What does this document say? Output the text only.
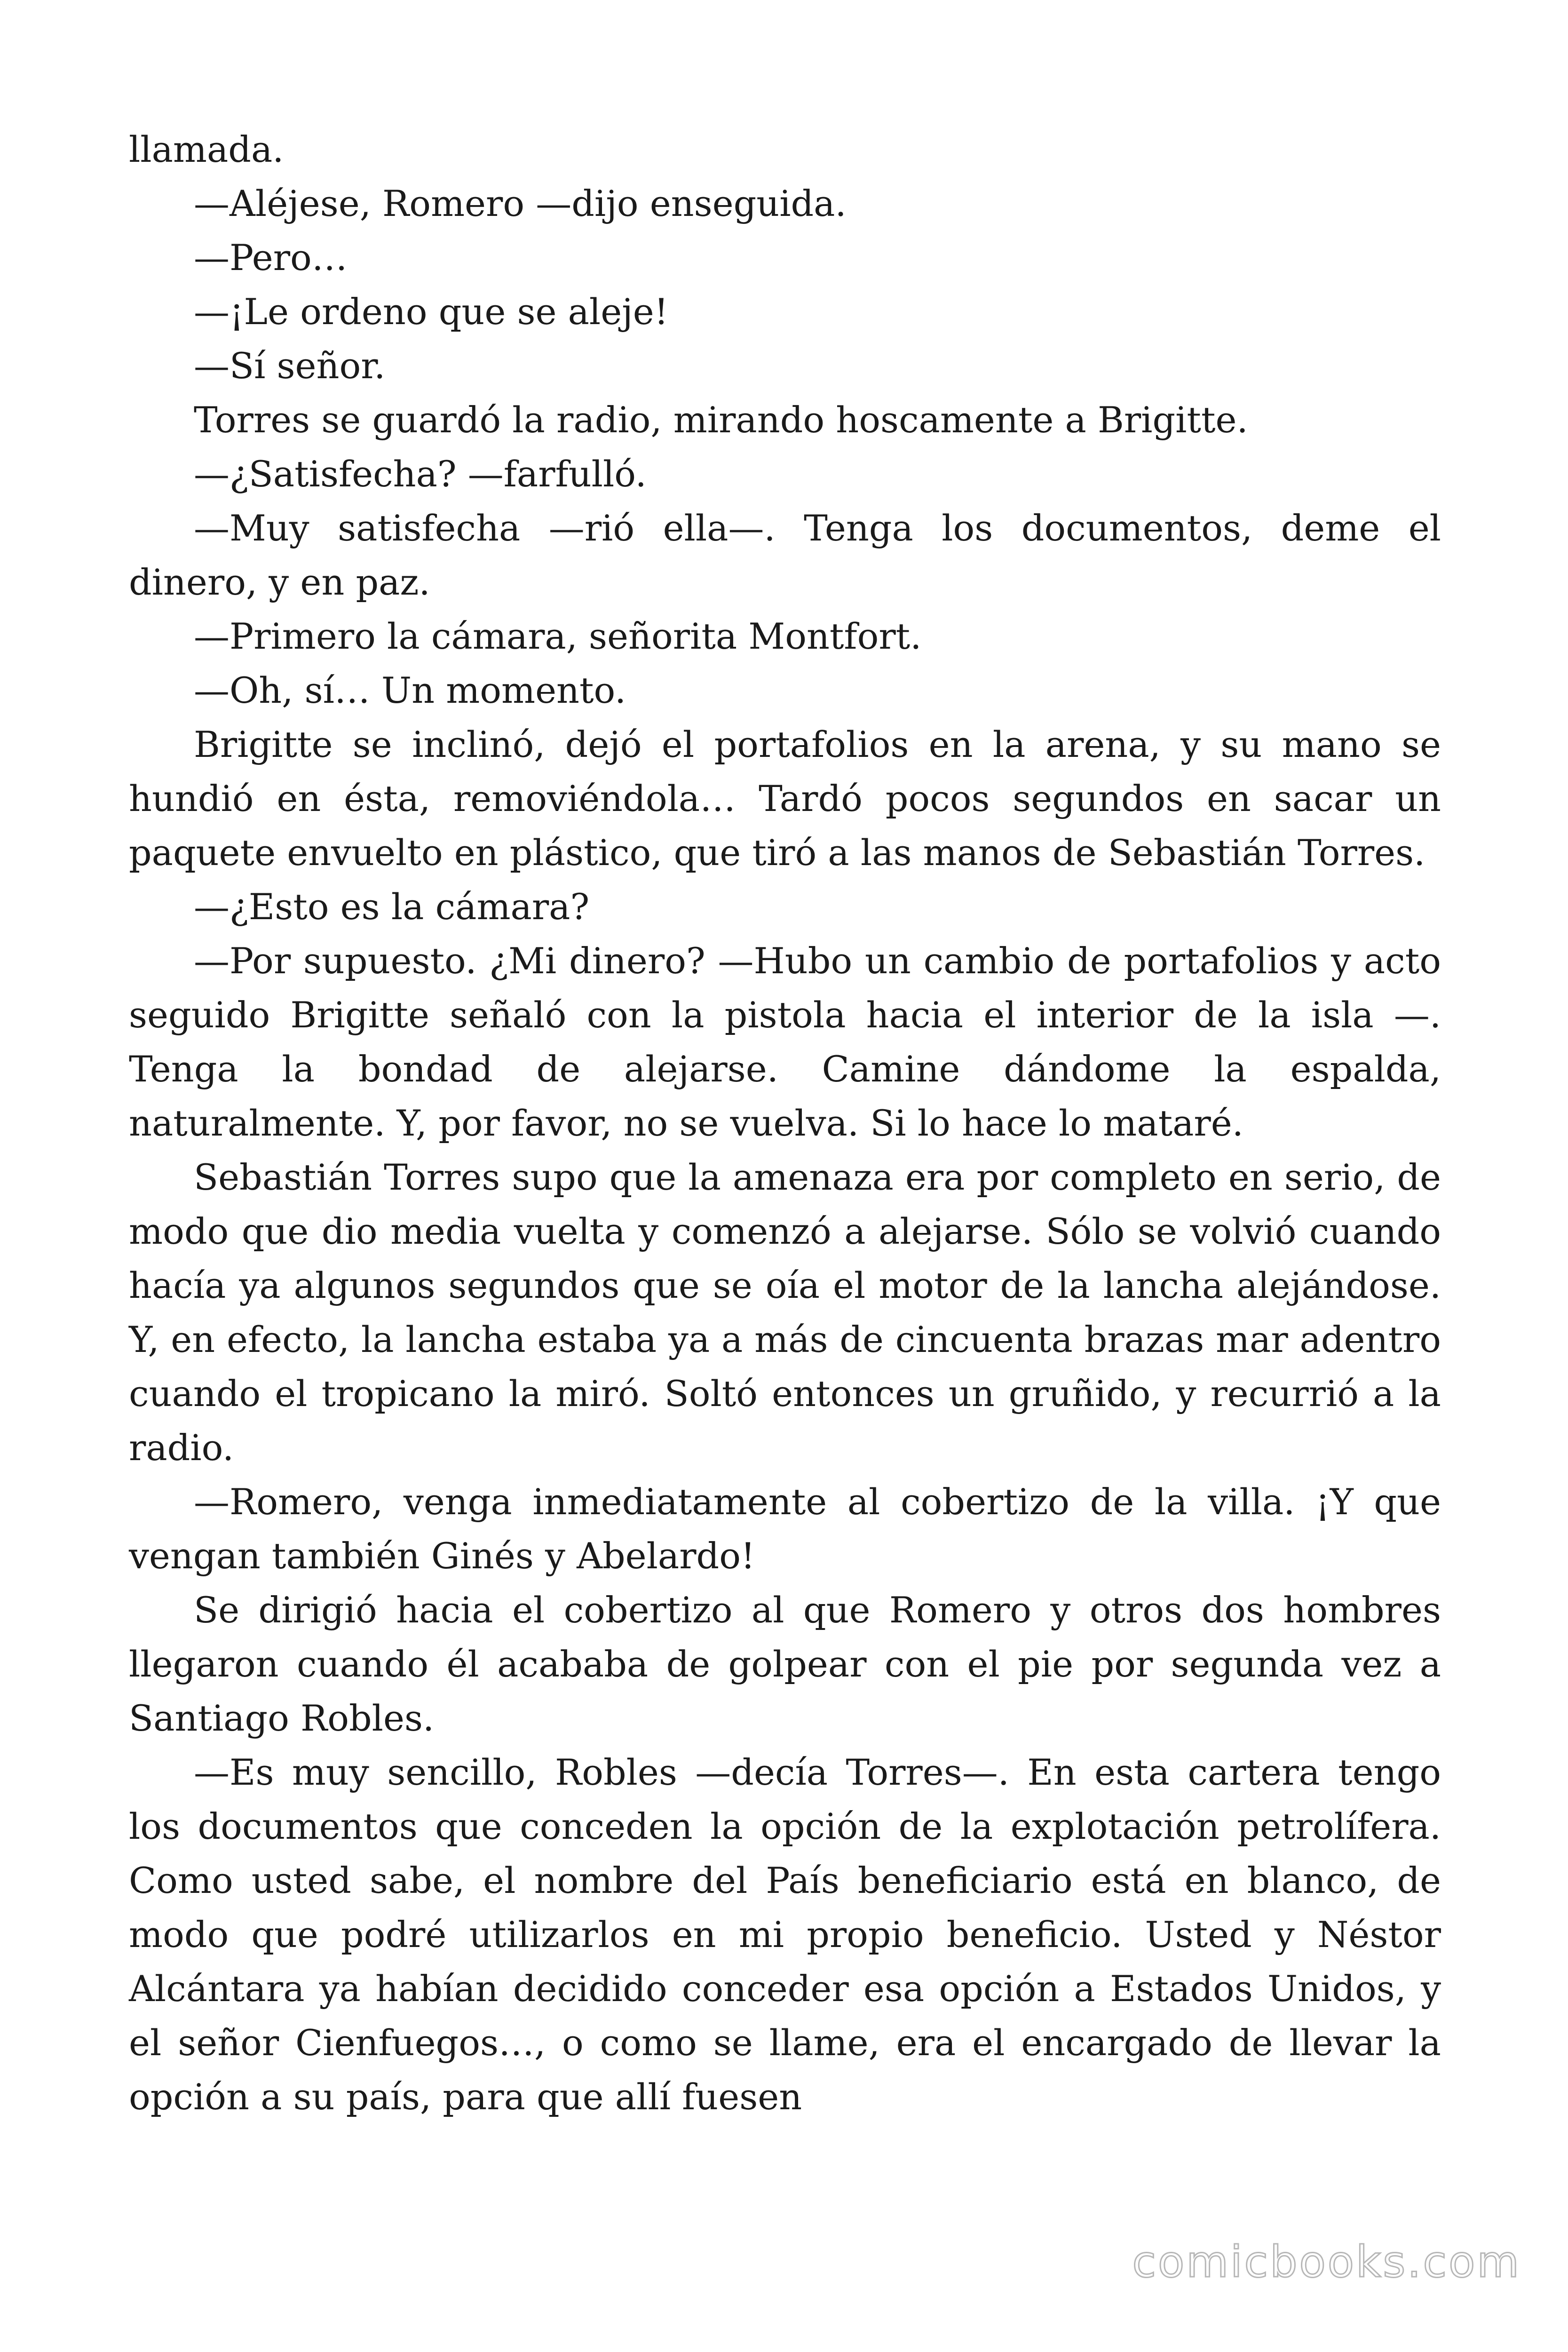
llamada.

—Aléjese, Romero —dijo enseguida.

—Pero…

—¡Le ordeno que se aleje!

—Sí señor.

Torres se guardó la radio, mirando hoscamente a Brigitte.

—¿Satisfecha? —farfulló.

—Muy satisfecha —rió ella—. Tenga los documentos, deme el dinero, y en paz.

—Primero la cámara, señorita Montfort.

—Oh, sí… Un momento.

Brigitte se inclinó, dejó el portafolios en la arena, y su mano se hundió en ésta, removiéndola… Tardó pocos segundos en sacar un paquete envuelto en plástico, que tiró a las manos de Sebastián Torres.

—¿Esto es la cámara?

—Por supuesto. ¿Mi dinero? —Hubo un cambio de portafolios y acto seguido Brigitte señaló con la pistola hacia el interior de la isla —. Tenga la bondad de alejarse. Camine dándome la espalda, naturalmente. Y, por favor, no se vuelva. Si lo hace lo mataré.

Sebastián Torres supo que la amenaza era por completo en serio, de modo que dio media vuelta y comenzó a alejarse. Sólo se volvió cuando hacía ya algunos segundos que se oía el motor de la lancha alejándose. Y, en efecto, la lancha estaba ya a más de cincuenta brazas mar adentro cuando el tropicano la miró. Soltó entonces un gruñido, y recurrió a la radio.

—Romero, venga inmediatamente al cobertizo de la villa. ¡Y que vengan también Ginés y Abelardo!

Se dirigió hacia el cobertizo al que Romero y otros dos hombres llegaron cuando él acababa de golpear con el pie por segunda vez a Santiago Robles.

—Es muy sencillo, Robles —decía Torres—. En esta cartera tengo los documentos que conceden la opción de la explotación petrolífera. Como usted sabe, el nombre del País beneficiario está en blanco, de modo que podré utilizarlos en mi propio beneficio. Usted y Néstor Alcántara ya habían decidido conceder esa opción a Estados Unidos, y el señor Cienfuegos…, o como se llame, era el encargado de llevar la opción a su país, para que allí fuesen

comicbooks.com
